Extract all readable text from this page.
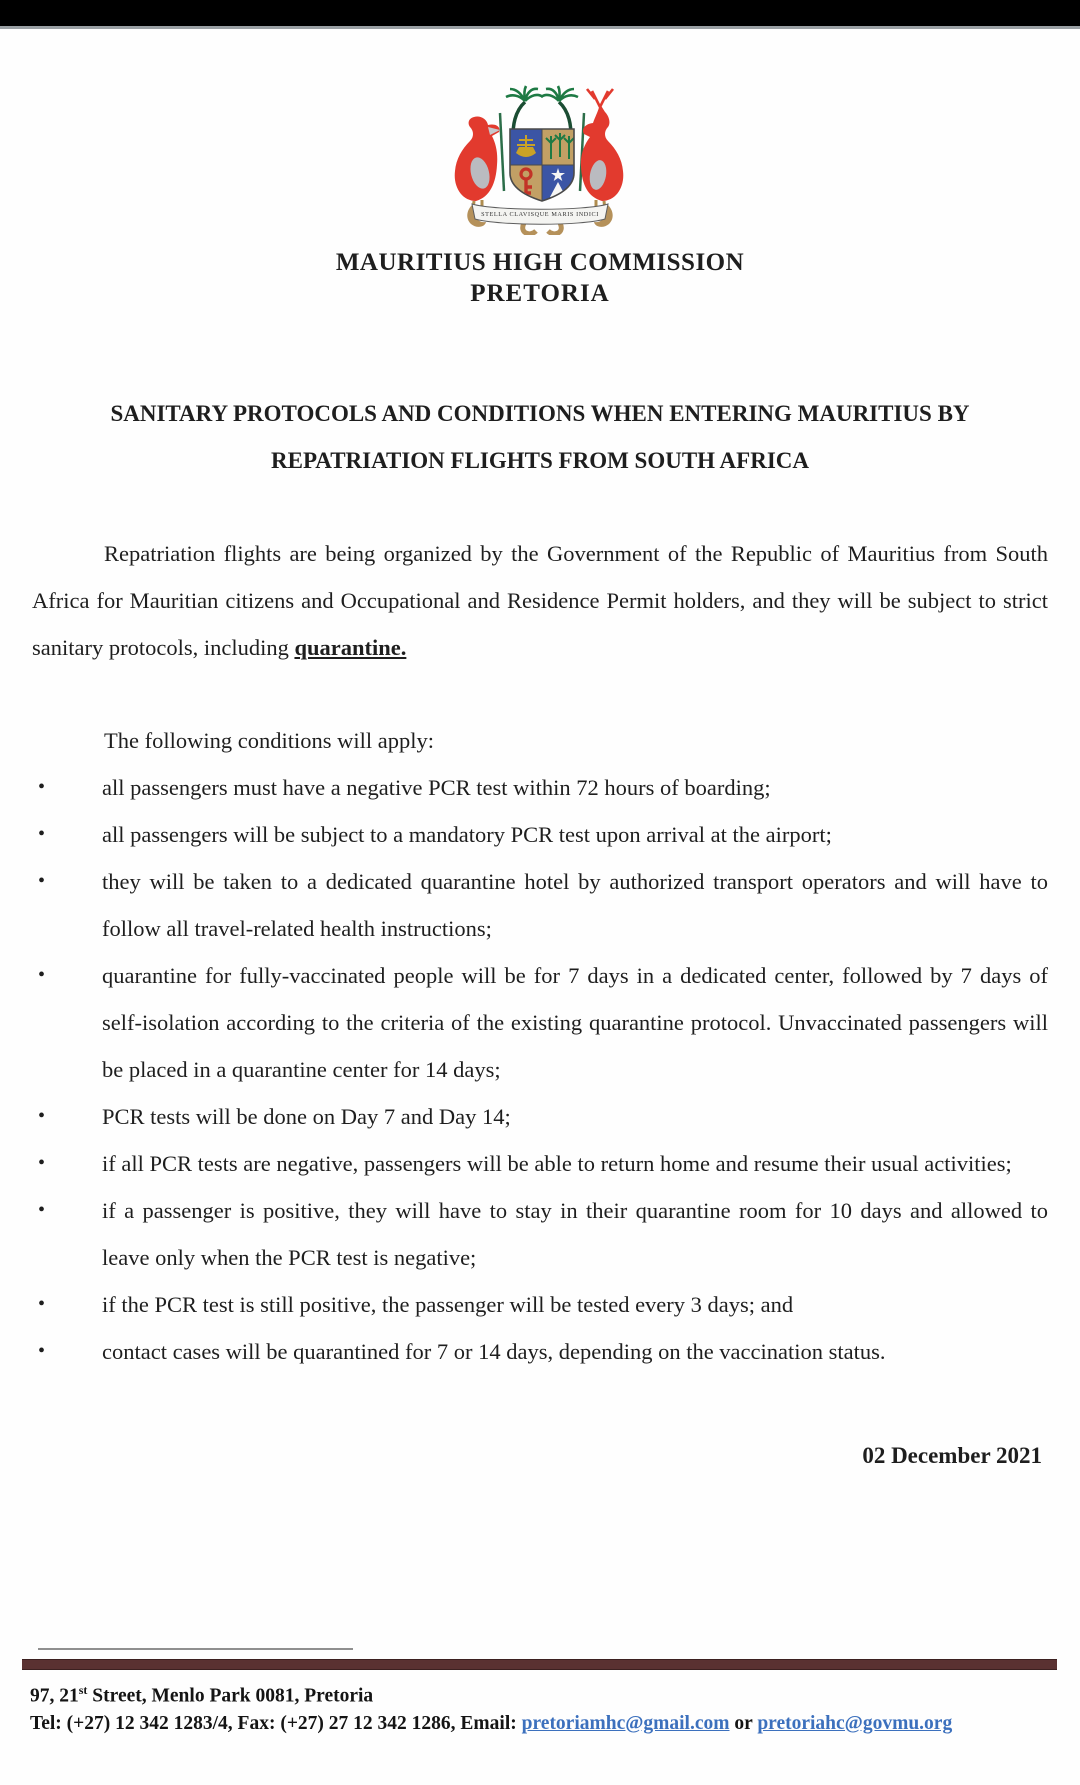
STELLA CLAVISQUE MARIS INDICI
MAURITIUS HIGH COMMISSION
PRETORIA
SANITARY PROTOCOLS AND CONDITIONS WHEN ENTERING MAURITIUS BY
REPATRIATION FLIGHTS FROM SOUTH AFRICA

Repatriation flights are being organized by the Government of the Republic of Mauritius from South Africa for Mauritian citizens and Occupational and Residence Permit holders, and they will be subject to strict sanitary protocols, including quarantine.

The following conditions will apply:

• all passengers must have a negative PCR test within 72 hours of boarding;
• all passengers will be subject to a mandatory PCR test upon arrival at the airport;
• they will be taken to a dedicated quarantine hotel by authorized transport operators and will have to follow all travel-related health instructions;
• quarantine for fully-vaccinated people will be for 7 days in a dedicated center, followed by 7 days of self-isolation according to the criteria of the existing quarantine protocol. Unvaccinated passengers will be placed in a quarantine center for 14 days;
• PCR tests will be done on Day 7 and Day 14;
• if all PCR tests are negative, passengers will be able to return home and resume their usual activities;
• if a passenger is positive, they will have to stay in their quarantine room for 10 days and allowed to leave only when the PCR test is negative;
• if the PCR test is still positive, the passenger will be tested every 3 days; and
• contact cases will be quarantined for 7 or 14 days, depending on the vaccination status.
02 December 2021
97, 21st Street, Menlo Park 0081, Pretoria
Tel: (+27) 12 342 1283/4, Fax: (+27) 27 12 342 1286, Email: pretoriamhc@gmail.com or pretoriahc@govmu.org
